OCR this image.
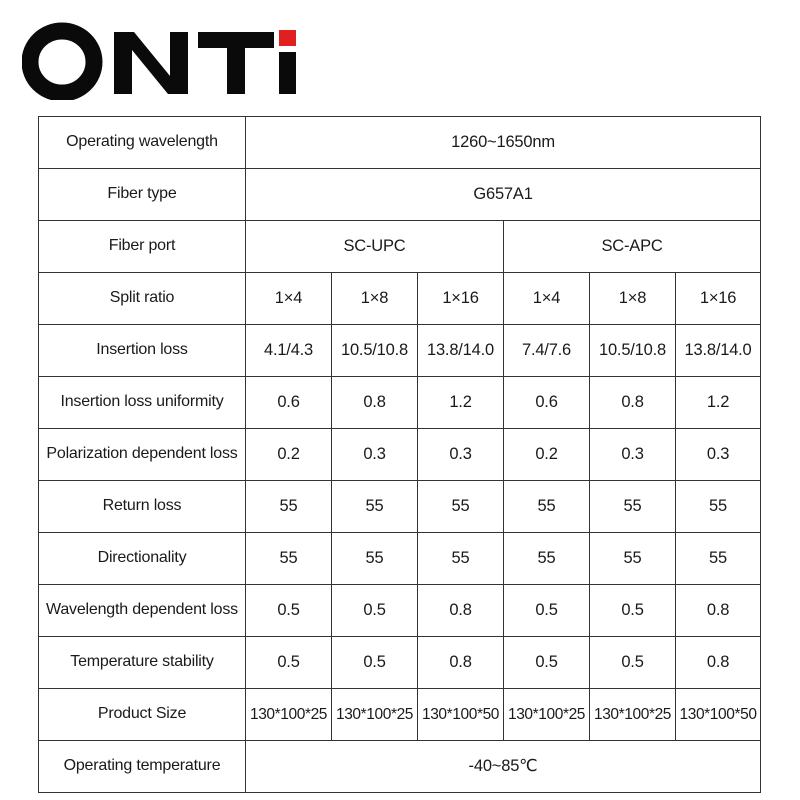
Operating wavelength	1260~1650nm					
Fiber type	G657A1					
Fiber port	SC-UPC			SC-APC		
Split ratio	1×4	1×8	1×16	1×4	1×8	1×16
Insertion loss	4.1/4.3	10.5/10.8	13.8/14.0	7.4/7.6	10.5/10.8	13.8/14.0
Insertion loss uniformity	0.6	0.8	1.2	0.6	0.8	1.2
Polarization dependent loss	0.2	0.3	0.3	0.2	0.3	0.3
Return loss	55	55	55	55	55	55
Directionality	55	55	55	55	55	55
Wavelength dependent loss	0.5	0.5	0.8	0.5	0.5	0.8
Temperature stability	0.5	0.5	0.8	0.5	0.5	0.8
Product Size	130*100*25	130*100*25	130*100*50	130*100*25	130*100*25	130*100*50
Operating temperature	-40~85℃					
